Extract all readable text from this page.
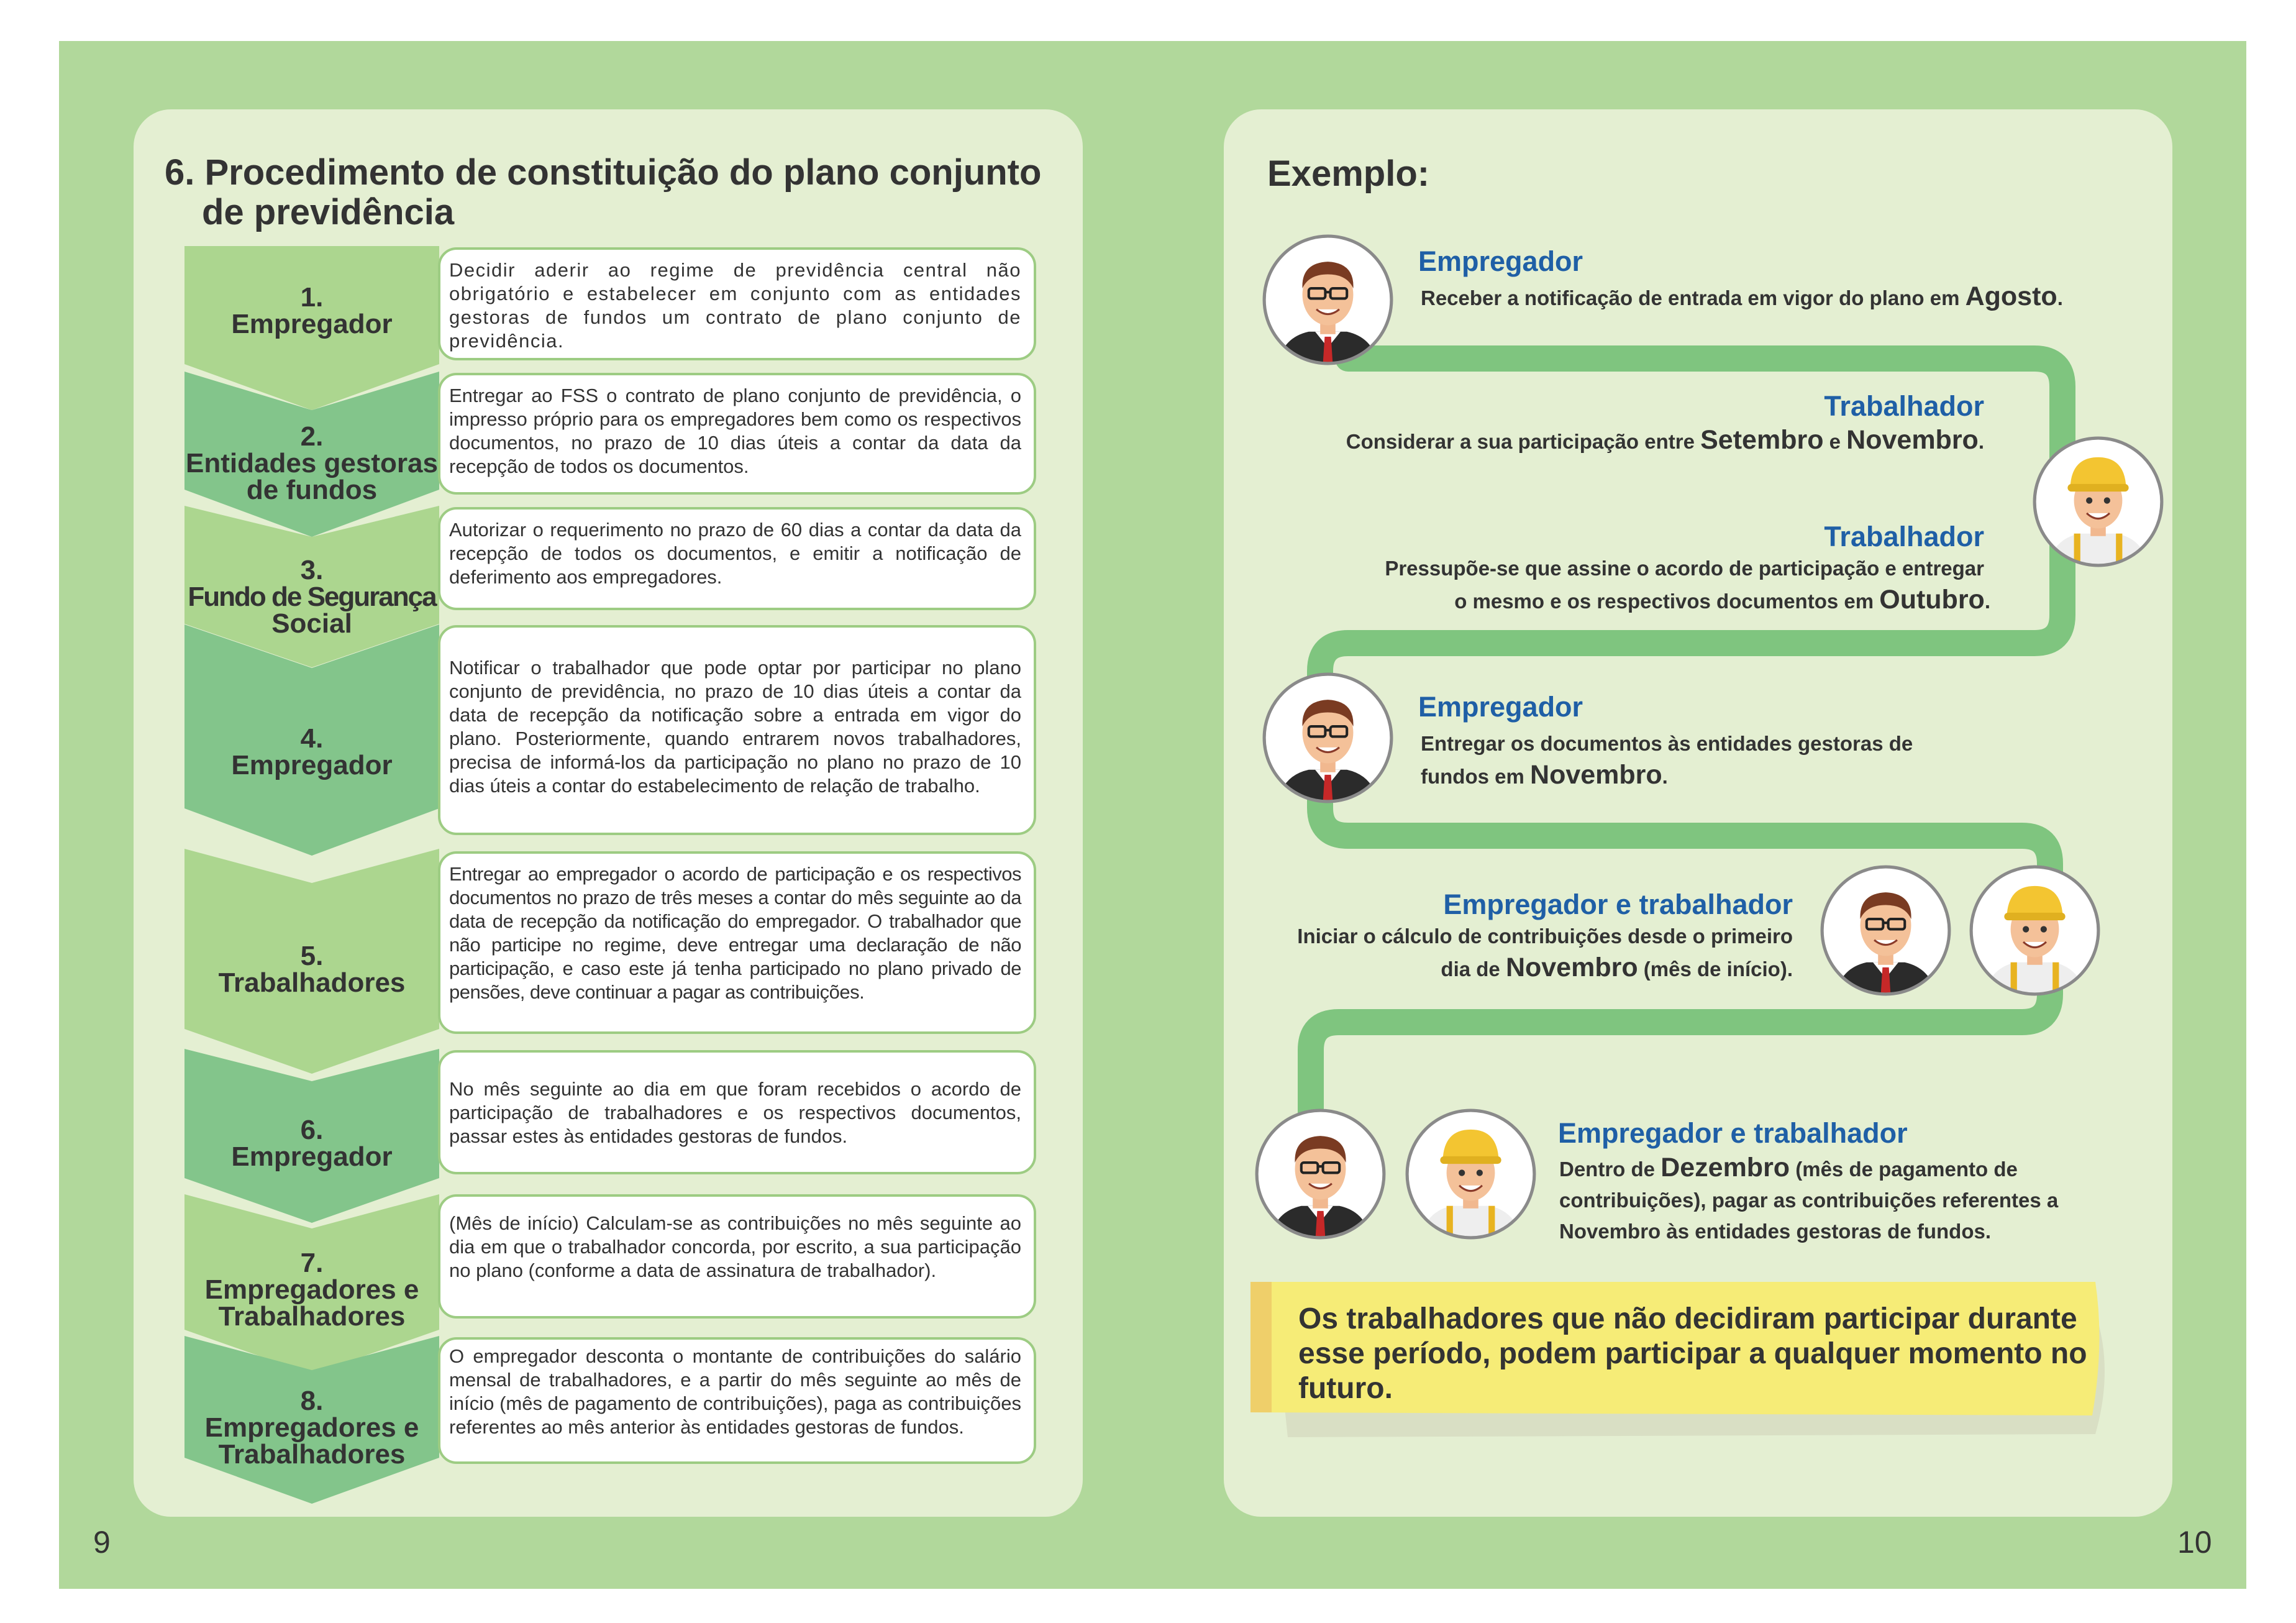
9	10
6. Procedimento de constituição do plano conjunto
de previdência
1.
Empregador
2.
Entidades gestoras
de fundos
3.
Fundo de Segurança
Social
4.
Empregador
5.
Trabalhadores
6.
Empregador
7.
Empregadores e
Trabalhadores
8.
Empregadores e
Trabalhadores
Decidir aderir ao regime de previdência central não obrigatório e estabelecer em conjunto com as entidades gestoras de fundos um contrato de plano conjunto de previdência.
Entregar ao FSS o contrato de plano conjunto de previdência, o impresso próprio para os empregadores bem como os respectivos documentos, no prazo de 10 dias úteis a contar da data da recepção de todos os documentos.
Autorizar o requerimento no prazo de 60 dias a contar da data da recepção de todos os documentos, e emitir a notificação de deferimento aos empregadores.
Notificar o trabalhador que pode optar por participar no plano conjunto de previdência, no prazo de 10 dias úteis a contar da data de recepção da notificação sobre a entrada em vigor do plano. Posteriormente, quando entrarem novos trabalhadores, precisa de informá-los da participação no plano no prazo de 10 dias úteis a contar do estabelecimento de relação de trabalho.
Entregar ao empregador o acordo de participação e os respectivos documentos no prazo de três meses a contar do mês seguinte ao da data de recepção da notificação do empregador. O trabalhador que não participe no regime, deve entregar uma declaração de não participação, e caso este já tenha participado no plano privado de pensões, deve continuar a pagar as contribuições.
No mês seguinte ao dia em que foram recebidos o acordo de participação de trabalhadores e os respectivos documentos, passar estes às entidades gestoras de fundos.
(Mês de início) Calculam-se as contribuições no mês seguinte ao dia em que o trabalhador concorda, por escrito, a sua participação no plano (conforme a data de assinatura de trabalhador).
O empregador desconta o montante de contribuições do salário mensal de trabalhadores, e a partir do mês seguinte ao mês de início (mês de pagamento de contribuições), paga as contribuições referentes ao mês anterior às entidades gestoras de fundos.
Exemplo:
Empregador
Receber a notificação de entrada em vigor do plano em Agosto.
Trabalhador
Considerar a sua participação entre Setembro e Novembro.
Trabalhador
Pressupõe-se que assine o acordo de participação e entregar
o mesmo e os respectivos documentos em Outubro.
Empregador
Entregar os documentos às entidades gestoras de
fundos em Novembro.
Empregador e trabalhador
Iniciar o cálculo de contribuições desde o primeiro
dia de Novembro (mês de início).
Empregador e trabalhador
Dentro de Dezembro (mês de pagamento de
contribuições), pagar as contribuições referentes a
Novembro às entidades gestoras de fundos.
Os trabalhadores que não decidiram participar durante esse período, podem participar a qualquer momento no futuro.
